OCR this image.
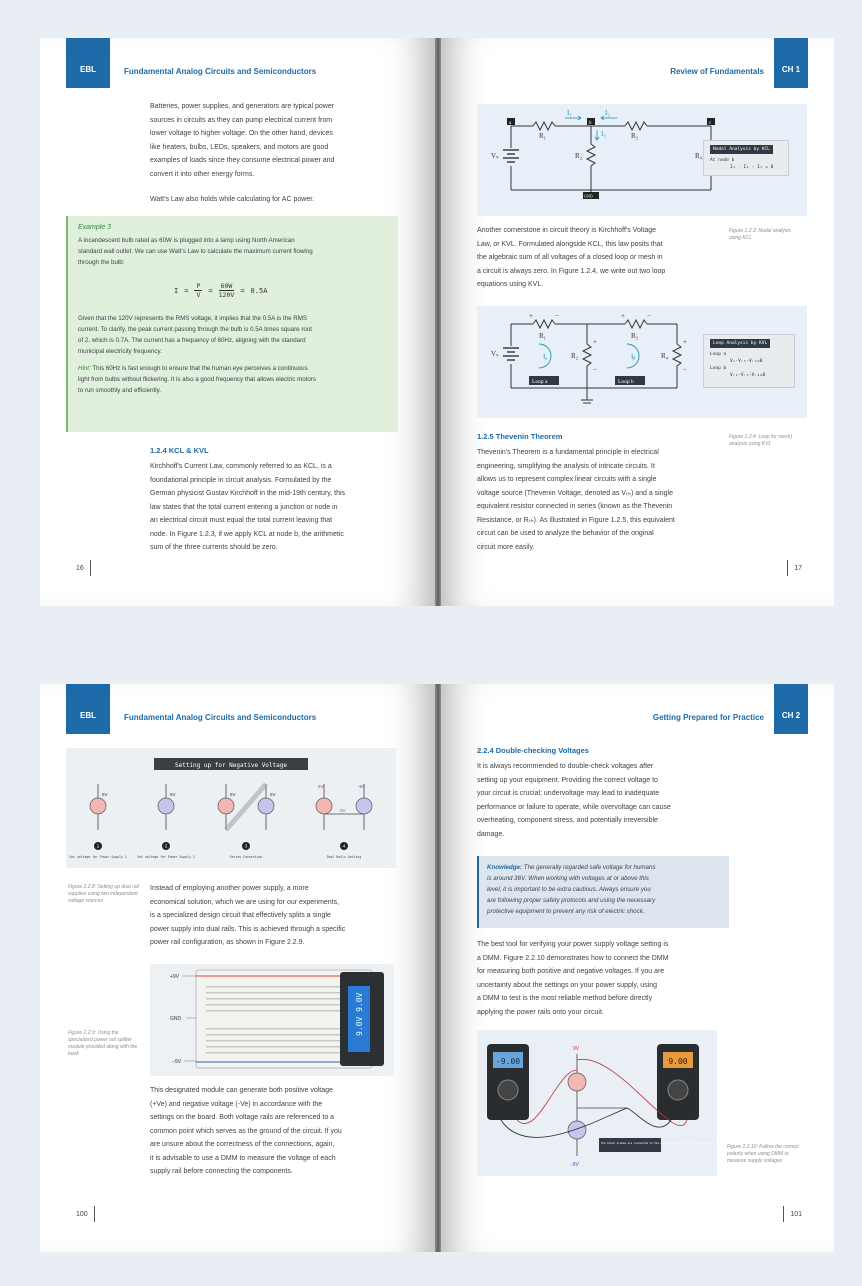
EBL	Fundamental Analog Circuits and Semiconductors
Batteries, power supplies, and generators are typical power
sources in circuits as they can pump electrical current from
lower voltage to higher voltage. On the other hand, devices
like heaters, bulbs, LEDs, speakers, and motors are good
examples of loads since they consume electrical power and
convert it into other energy forms.
Watt's Law also holds while calculating for AC power.
Example 3
A incandescent bulb rated as 60W is plugged into a lamp using North American
standard wall outlet. We can use Watt's Law to calculate the maximum current flowing
through the bulb:
$I = \frac{P}{V} = \frac{60W}{120V} = 0.5A$
Given that the 120V represents the RMS voltage, it implies that the 0.5A is the RMS
current. To clarify, the peak current passing through the bulb is 0.5A times square root
of 2, which is 0.7A. The current has a frequency of 60Hz, aligning with the standard
municipal electricity frequency.
Hint: This 60Hz is fast enough to ensure that the human eye perceives a continuous
light from bulbs without flickering. It is also a good frequency that allows electric motors
to run smoothly and efficiently.
1.2.4 KCL & KVL
Kirchhoff's Current Law, commonly referred to as KCL, is a
foundational principle in circuit analysis. Formulated by the
German physicist Gustav Kirchhoff in the mid-19th century, this
law states that the total current entering a junction or node in
an electrical circuit must equal the total current leaving that
node. In Figure 1.2.3, if we apply KCL at node b, the arithmetic
sum of the three currents should be zero.
16
CH 1
Review of Fundamentals
a	b	c
GND
Vₛ
R₁
R₂
R₃
R₄
I₁	I₂
I₃
Nodal Analysis by KCL
At node b
I₁ - I₂ - I₃ = 0
Another cornerstone in circuit theory is Kirchhoff's Voltage
Law, or KVL. Formulated alongside KCL, this law posits that
the algebraic sum of all voltages of a closed loop or mesh in
a circuit is always zero. In Figure 1.2.4, we write out two loop
equations using KVL.
Figure 1.2.3: Nodal analysis using KCL
Vₛ
R₁
R₂
R₃
R₄
Iₐ	Iᵦ
Loop a	Loop b
+	−	+	−
+
−
+
−
Loop Analysis by KVL
Loop a
Vₛ-Vᵣ₁-Vᵣ₂=0
Loop b
Vᵣ₂-Vᵣ₃-Vᵣ₄=0
1.2.5 Thevenin Theorem	Figure 1.2.4: Loop for mesh) analysis using KVL
Thevenin's Theorem is a fundamental principle in electrical
engineering, simplifying the analysis of intricate circuits. It
allows us to represent complex linear circuits with a single
voltage source (Thevenin Voltage, denoted as Vₜₕ) and a single
equivalent resistor connected in series (known as the Thevenin
Resistance, or Rₜₕ). As illustrated in Figure 1.2.5, this equivalent
circuit can be used to analyze the behavior of the original
circuit more easily.
17
EBL	Fundamental Analog Circuits and Semiconductors
Setting up for Negative Voltage
5V	5V	5V	5V
5V	-5V
0V
1	2	3	4
Set voltage for Power Supply 1	Set voltage for Power Supply 2	Series Connection	Dual Rails Setting
Figure 2.2.8: Setting up dual rail supplies using two independent voltage sources
Instead of employing another power supply, a more
economical solution, which we are using for our experiments,
is a specialized design circuit that effectively splits a single
power supply into dual rails. This is achieved through a specific
power rail configuration, as shown in Figure 2.2.9.
9.0V 9.0V
+9V
GND
−9V
Figure 2.2.9: Using the specialized power rail splitter module provided along with the book
This designated module can generate both positive voltage
(+Ve) and negative voltage (-Ve) in accordance with the
settings on the board. Both voltage rails are referenced to a
common point which serves as the ground of the circuit. If you
are unsure about the correctness of the connections, again,
it is advisable to use a DMM to measure the voltage of each
supply rail before connecting the components.
100
CH 2
Getting Prepared for Practice
2.2.4 Double-checking Voltages
It is always recommended to double-check voltages after
setting up your equipment. Providing the correct voltage to
your circuit is crucial; undervoltage may lead to inadequate
performance or failure to operate, while overvoltage can cause
overheating, component stress, and potentially irreversible
damage.
Knowledge: The generally regarded safe voltage for humans
is around 36V. When working with voltages at or above this
level, it is important to be extra cautious. Always ensure you
are following proper safety protocols and using the necessary
protective equipment to prevent any risk of electric shock.
The best tool for verifying your power supply voltage setting is
a DMM. Figure 2.2.10 demonstrates how to connect the DMM
for measuring both positive and negative voltages. If you are
uncertainty about the settings on your power supply, using
a DMM to test is the most reliable method before directly
applying the power rails onto your circuit.
-9.00	9.00
The black probes are connected to the common reference, or the ground of the circuit
9V
-9V
Figure 2.2.10: Follow the correct polarity when using DMM to measure supply voltages
101
